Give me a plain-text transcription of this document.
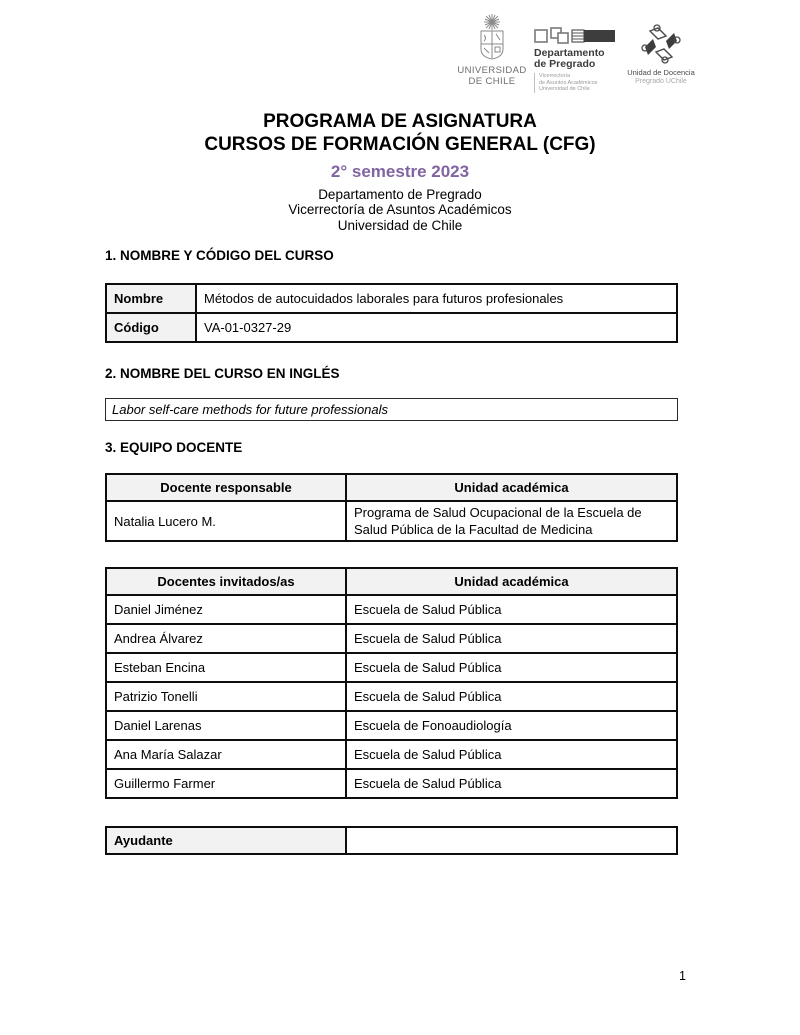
UNIVERSIDAD
DE CHILE
Departamento
de Pregrado
Vicerrectoría
de Asuntos Académicos
Universidad de Chile
Unidad de Docencia
Pregrado UChile
PROGRAMA DE ASIGNATURA
CURSOS DE FORMACIÓN GENERAL (CFG)
2° semestre 2023
Departamento de Pregrado
Vicerrectoría de Asuntos Académicos
Universidad de Chile
1. NOMBRE Y CÓDIGO DEL CURSO
Nombre	Métodos de autocuidados laborales para futuros profesionales
Código	VA-01-0327-29
2. NOMBRE DEL CURSO EN INGLÉS
Labor self-care methods for future professionals
3. EQUIPO DOCENTE
Docente responsable	Unidad académica
Natalia Lucero M.	Programa de Salud Ocupacional de la Escuela de Salud Pública de la Facultad de Medicina
Docentes invitados/as	Unidad académica
Daniel Jiménez	Escuela de Salud Pública
Andrea Álvarez	Escuela de Salud Pública
Esteban Encina	Escuela de Salud Pública
Patrizio Tonelli	Escuela de Salud Pública
Daniel Larenas	Escuela de Fonoaudiología
Ana María Salazar	Escuela de Salud Pública
Guillermo Farmer	Escuela de Salud Pública
Ayudante	
1
